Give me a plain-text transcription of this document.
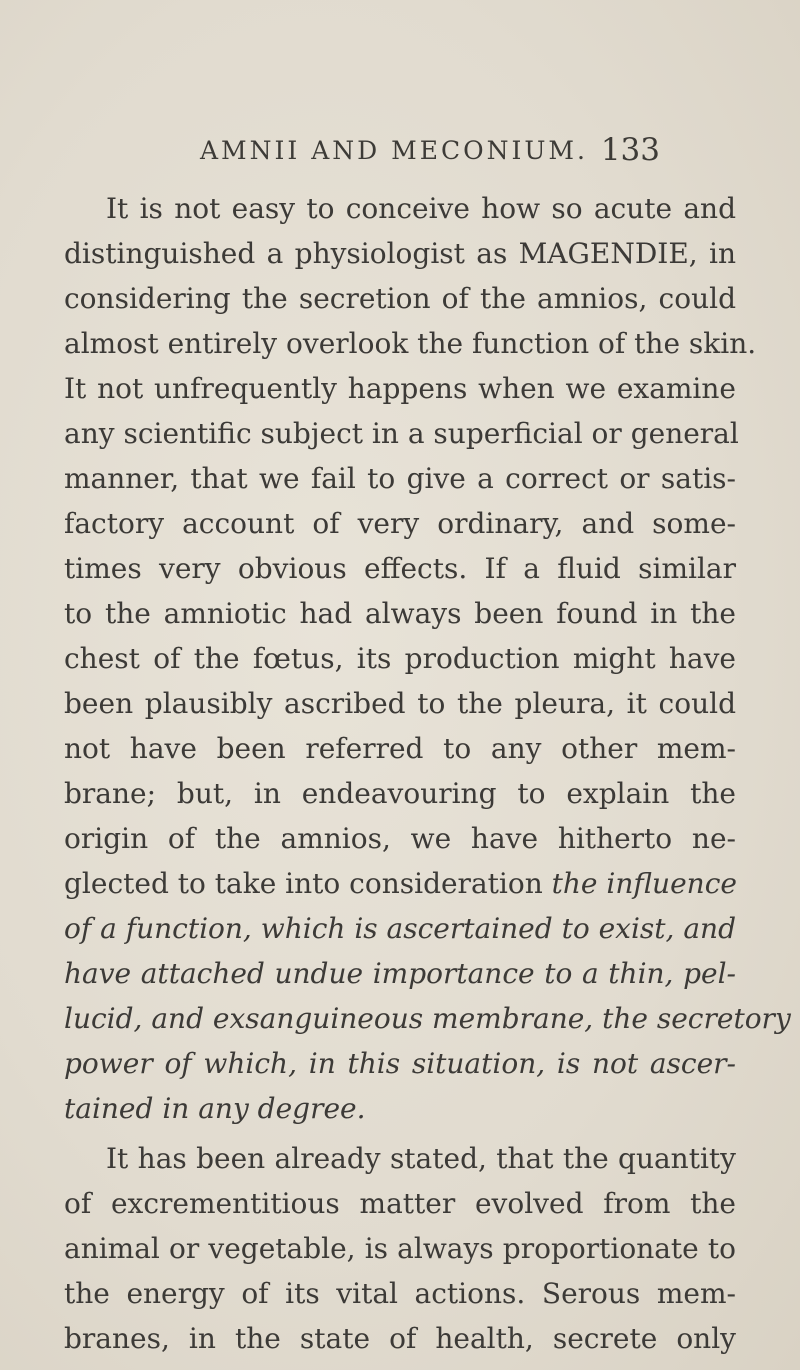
AMNII AND MECONIUM. 133
It is not easy to conceive how so acute and
distinguished a physiologist as MAGENDIE, in
considering the secretion of the amnios, could
almost entirely overlook the function of the skin.
It not unfrequently happens when we examine
any scientific subject in a superficial or general
manner, that we fail to give a correct or satis-
factory account of very ordinary, and some-
times very obvious effects. If a fluid similar
to the amniotic had always been found in the
chest of the fœtus, its production might have
been plausibly ascribed to the pleura, it could
not have been referred to any other mem-
brane; but, in endeavouring to explain the
origin of the amnios, we have hitherto ne-
glected to take into consideration the influence
of a function, which is ascertained to exist, and
have attached undue importance to a thin, pel-
lucid, and exsanguineous membrane, the secretory
power of which, in this situation, is not ascer-
tained in any degree.
It has been already stated, that the quantity
of excrementitious matter evolved from the
animal or vegetable, is always proportionate to
the energy of its vital actions. Serous mem-
branes, in the state of health, secrete only
